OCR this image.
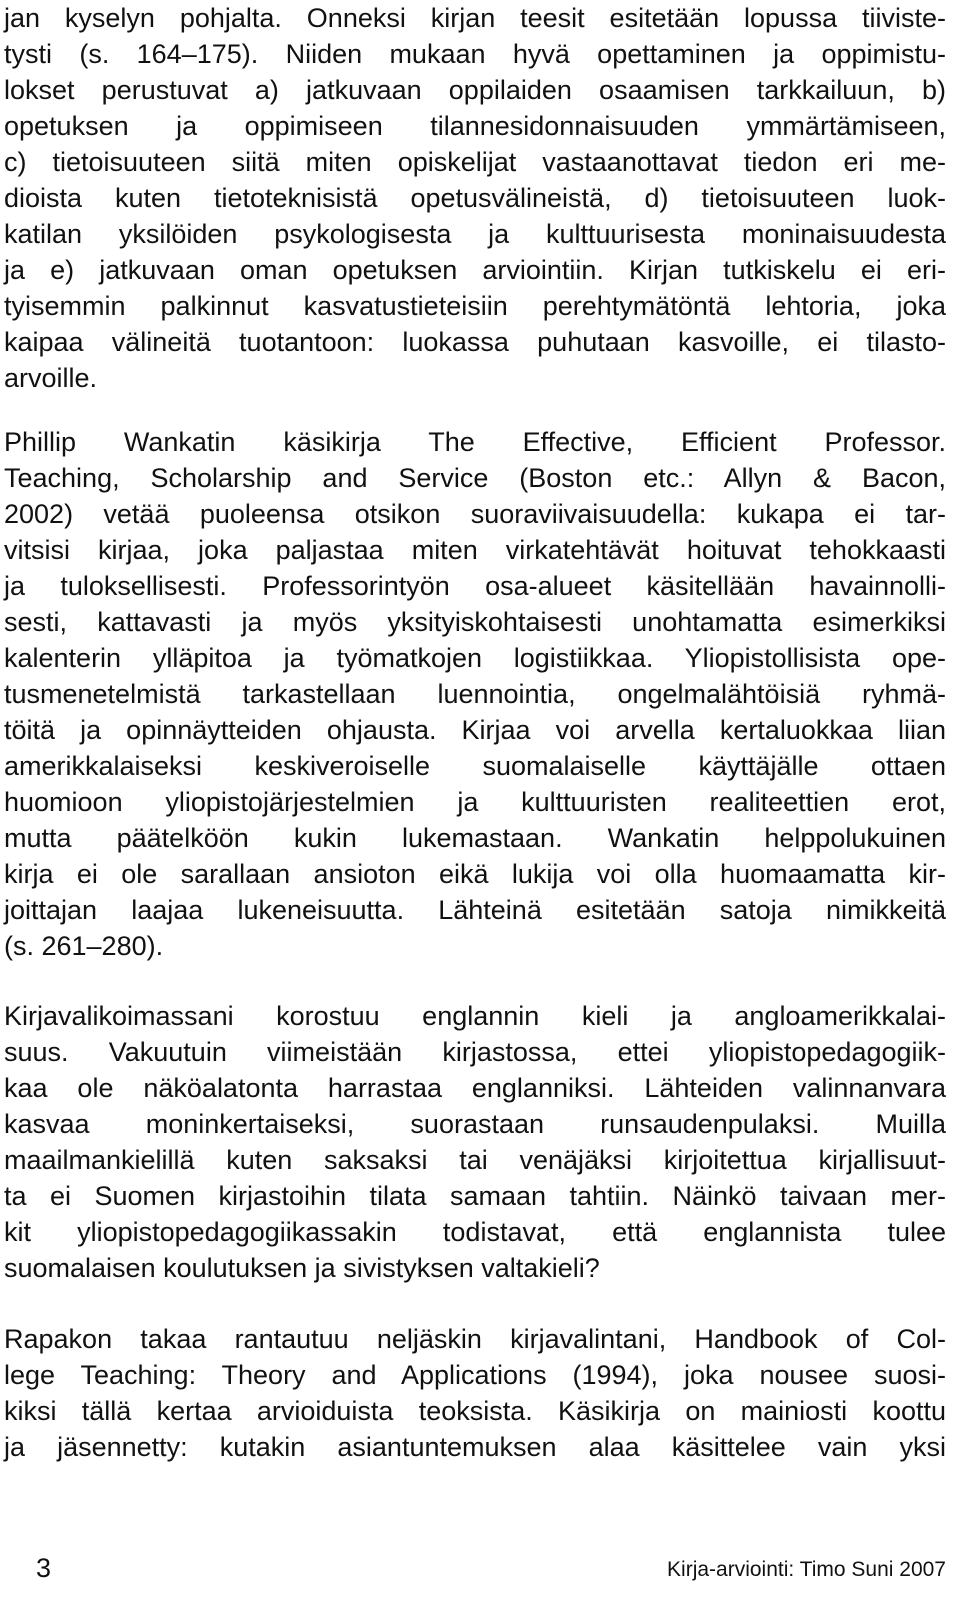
jan kyselyn pohjalta. Onneksi kirjan teesit esitetään lopussa tiiviste-
tysti (s. 164–175). Niiden mukaan hyvä opettaminen ja oppimistu-
lokset perustuvat a) jatkuvaan oppilaiden osaamisen tarkkailuun, b)
opetuksen ja oppimiseen tilannesidonnaisuuden ymmärtämiseen,
c) tietoisuuteen siitä miten opiskelijat vastaanottavat tiedon eri me-
dioista kuten tietoteknisistä opetusvälineistä, d) tietoisuuteen luok-
katilan yksilöiden psykologisesta ja kulttuurisesta moninaisuudesta
ja e) jatkuvaan oman opetuksen arviointiin. Kirjan tutkiskelu ei eri-
tyisemmin palkinnut kasvatustieteisiin perehtymätöntä lehtoria, joka
kaipaa välineitä tuotantoon: luokassa puhutaan kasvoille, ei tilasto-
arvoille.
Phillip Wankatin käsikirja The Effective, Efficient Professor.
Teaching, Scholarship and Service (Boston etc.: Allyn & Bacon,
2002) vetää puoleensa otsikon suoraviivaisuudella: kukapa ei tar-
vitsisi kirjaa, joka paljastaa miten virkatehtävät hoituvat tehokkaasti
ja tuloksellisesti. Professorintyön osa-alueet käsitellään havainnolli-
sesti, kattavasti ja myös yksityiskohtaisesti unohtamatta esimerkiksi
kalenterin ylläpitoa ja työmatkojen logistiikkaa. Yliopistollisista ope-
tusmenetelmistä tarkastellaan luennointia, ongelmalähtöisiä ryhmä-
töitä ja opinnäytteiden ohjausta. Kirjaa voi arvella kertaluokkaa liian
amerikkalaiseksi keskiveroiselle suomalaiselle käyttäjälle ottaen
huomioon yliopistojärjestelmien ja kulttuuristen realiteettien erot,
mutta päätelköön kukin lukemastaan. Wankatin helppolukuinen
kirja ei ole sarallaan ansioton eikä lukija voi olla huomaamatta kir-
joittajan laajaa lukeneisuutta. Lähteinä esitetään satoja nimikkeitä
(s. 261–280).
Kirjavalikoimassani korostuu englannin kieli ja angloamerikkalai-
suus. Vakuutuin viimeistään kirjastossa, ettei yliopistopedagogiik-
kaa ole näköalatonta harrastaa englanniksi. Lähteiden valinnanvara
kasvaa moninkertaiseksi, suorastaan runsaudenpulaksi. Muilla
maailmankielillä kuten saksaksi tai venäjäksi kirjoitettua kirjallisuut-
ta ei Suomen kirjastoihin tilata samaan tahtiin. Näinkö taivaan mer-
kit yliopistopedagogiikassakin todistavat, että englannista tulee
suomalaisen koulutuksen ja sivistyksen valtakieli?
Rapakon takaa rantautuu neljäskin kirjavalintani, Handbook of Col-
lege Teaching: Theory and Applications (1994), joka nousee suosi-
kiksi tällä kertaa arvioiduista teoksista. Käsikirja on mainiosti koottu
ja jäsennetty: kutakin asiantuntemuksen alaa käsittelee vain yksi
3	Kirja-arviointi: Timo Suni 2007
